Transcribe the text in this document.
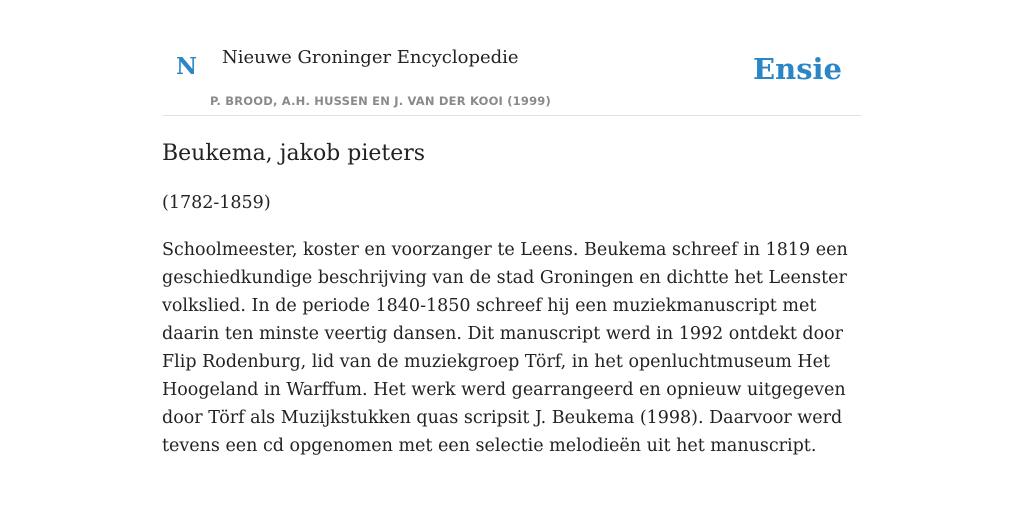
N Nieuwe Groninger Encyclopedie
P. BROOD, A.H. HUSSEN EN J. VAN DER KOOI (1999)
Ensie
Beukema, jakob pieters

(1782-1859)

Schoolmeester, koster en voorzanger te Leens. Beukema schreef in 1819 een geschiedkundige beschrijving van de stad Groningen en dichtte het Leenster volkslied. In de periode 1840-1850 schreef hij een muziekmanuscript met daarin ten minste veertig dansen. Dit manuscript werd in 1992 ontdekt door Flip Rodenburg, lid van de muziekgroep Törf, in het openluchtmuseum Het Hoogeland in Warffum. Het werk werd gearrangeerd en opnieuw uitgegeven door Törf als Muzijkstukken quas scripsit J. Beukema (1998). Daarvoor werd tevens een cd opgenomen met een selectie melodieën uit het manuscript.
